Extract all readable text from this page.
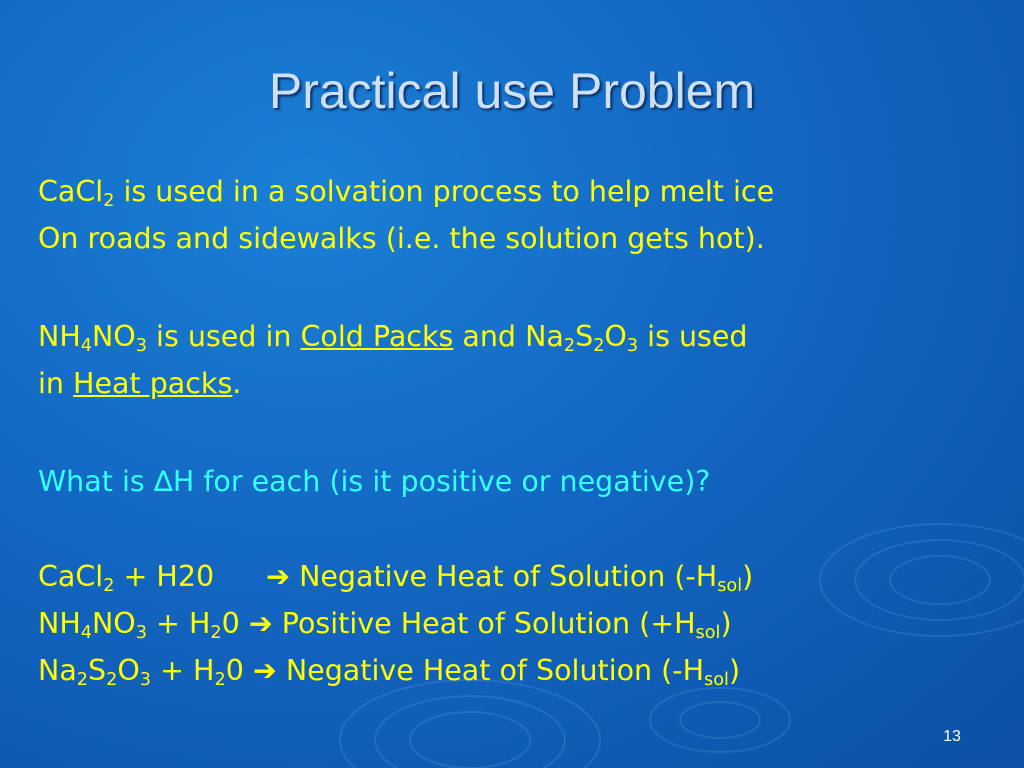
Practical use Problem
CaCl$_2$ is used in a solvation process to help melt ice
On roads and sidewalks (i.e. the solution gets hot).
$NH_4NO_3$ is used in Cold Packs and $Na_2S_2O_3$ is used
in Heat packs.
What is ∆H for each (is it positive or negative)?
CaCl$_2$ + H20 ➔ Negative Heat of Solution $(-H_{sol})$
$NH_4NO_3 + H_20$ ➔ Positive Heat of Solution $(+H_{sol})$
$Na_2S_2O_3 + H_20$ ➔ Negative Heat of Solution $(-H_{sol})$
13
